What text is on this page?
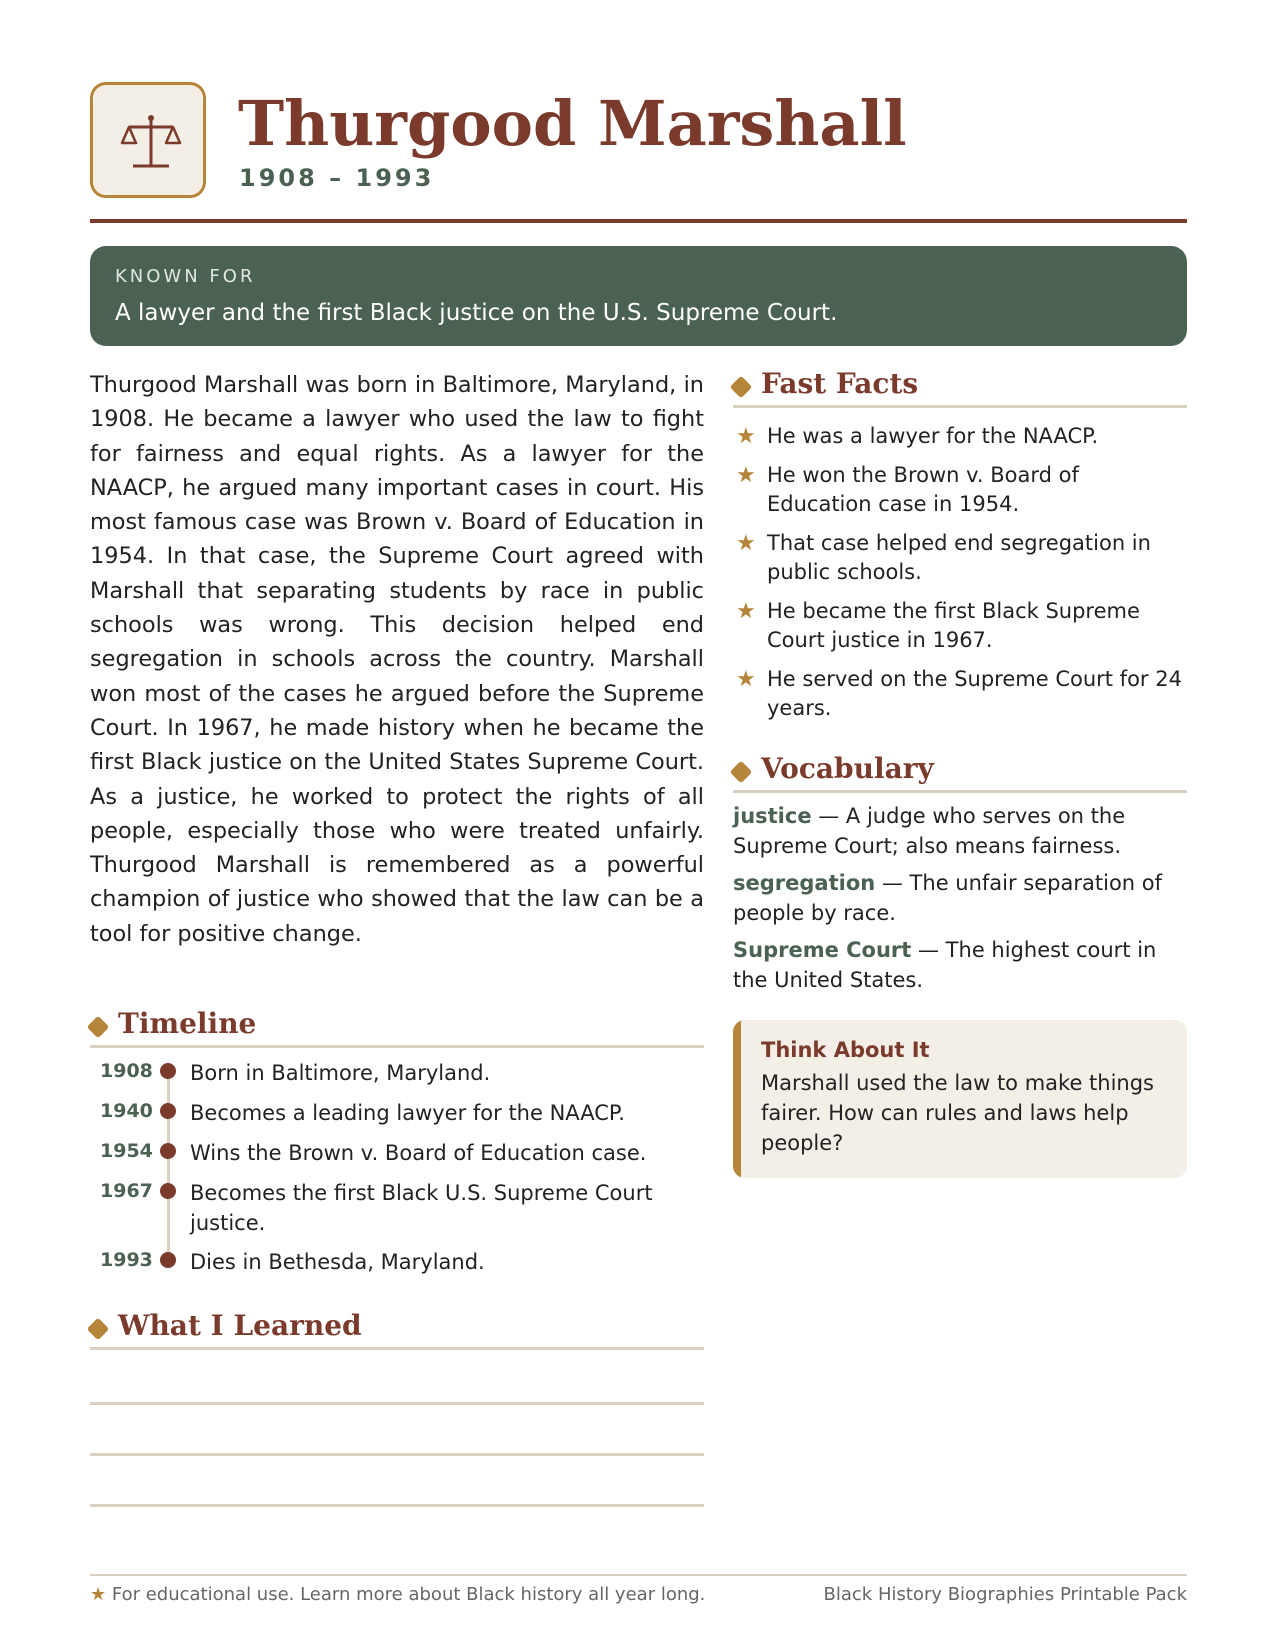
Thurgood Marshall
1908 – 1993
KNOWN FOR
A lawyer and the first Black justice on the U.S. Supreme Court.

Thurgood Marshall was born in Baltimore, Maryland, in 1908. He became a lawyer who used the law to fight for fairness and equal rights. As a lawyer for the NAACP, he argued many important cases in court. His most famous case was Brown v. Board of Education in 1954. In that case, the Supreme Court agreed with Marshall that separating students by race in public schools was wrong. This decision helped end segregation in schools across the country. Marshall won most of the cases he argued before the Supreme Court. In 1967, he made history when he became the first Black justice on the United States Supreme Court. As a justice, he worked to protect the rights of all people, especially those who were treated unfairly. Thurgood Marshall is remembered as a powerful champion of justice who showed that the law can be a tool for positive change.

Timeline
1908 Born in Baltimore, Maryland.
1940 Becomes a leading lawyer for the NAACP.
1954 Wins the Brown v. Board of Education case.
1967 Becomes the first Black U.S. Supreme Court justice.
1993 Dies in Bethesda, Maryland.
What I Learned
Fast Facts
★ He was a lawyer for the NAACP.
★ He won the Brown v. Board of Education case in 1954.
★ That case helped end segregation in public schools.
★ He became the first Black Supreme Court justice in 1967.
★ He served on the Supreme Court for 24 years.
Vocabulary
justice — A judge who serves on the Supreme Court; also means fairness.
segregation — The unfair separation of people by race.
Supreme Court — The highest court in the United States.
Think About It
Marshall used the law to make things fairer. How can rules and laws help people?
★ For educational use. Learn more about Black history all year long.	Black History Biographies Printable Pack
